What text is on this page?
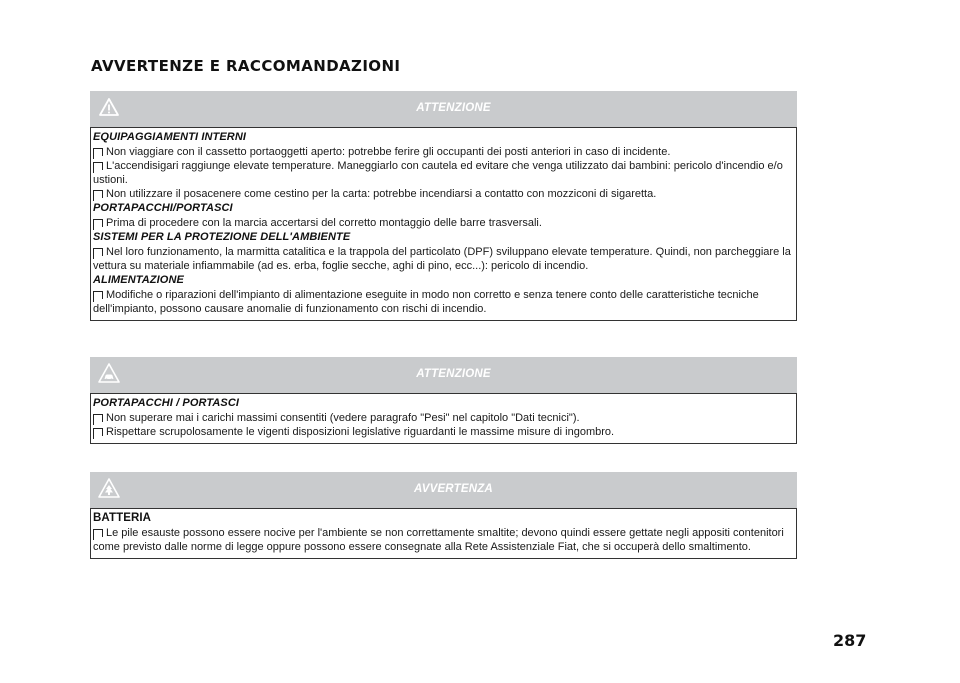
AVVERTENZE E RACCOMANDAZIONI
ATTENZIONE
EQUIPAGGIAMENTI INTERNI
Non viaggiare con il cassetto portaoggetti aperto: potrebbe ferire gli occupanti dei posti anteriori in caso di incidente.
L'accendisigari raggiunge elevate temperature. Maneggiarlo con cautela ed evitare che venga utilizzato dai bambini: pericolo d'incendio e/o ustioni.
Non utilizzare il posacenere come cestino per la carta: potrebbe incendiarsi a contatto con mozziconi di sigaretta.
PORTAPACCHI/PORTASCI
Prima di procedere con la marcia accertarsi del corretto montaggio delle barre trasversali.
SISTEMI PER LA PROTEZIONE DELL'AMBIENTE
Nel loro funzionamento, la marmitta catalitica e la trappola del particolato (DPF) sviluppano elevate temperature. Quindi, non parcheggiare la vettura su materiale infiammabile (ad es. erba, foglie secche, aghi di pino, ecc...): pericolo di incendio.
ALIMENTAZIONE
Modifiche o riparazioni dell'impianto di alimentazione eseguite in modo non corretto e senza tenere conto delle caratteristiche tecniche dell'impianto, possono causare anomalie di funzionamento con rischi di incendio.
ATTENZIONE
PORTAPACCHI / PORTASCI
Non superare mai i carichi massimi consentiti (vedere paragrafo "Pesi" nel capitolo "Dati tecnici").
Rispettare scrupolosamente le vigenti disposizioni legislative riguardanti le massime misure di ingombro.
AVVERTENZA
BATTERIA
Le pile esauste possono essere nocive per l'ambiente se non correttamente smaltite; devono quindi essere gettate negli appositi contenitori come previsto dalle norme di legge oppure possono essere consegnate alla Rete Assistenziale Fiat, che si occuperà dello smaltimento.
287
